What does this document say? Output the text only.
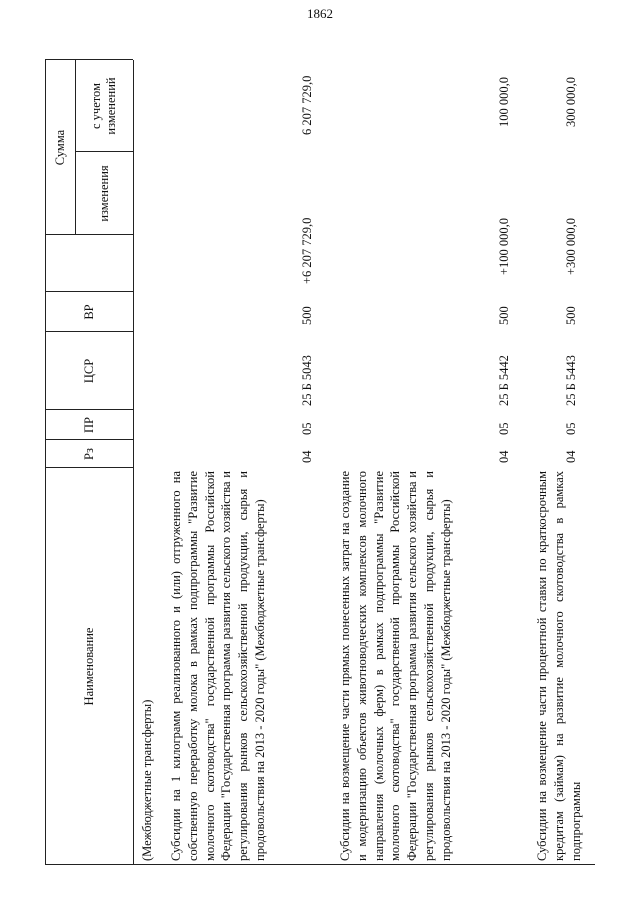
1862
Наименование
Рз
ПР
ЦСР
ВР
Сумма
изменения
с учетом изменений
(Межбюджетные трансферты) Субсидии на 1 килограмм реализованного и (или) отгруженного на собственную переработку молока в рамках подпрограммы "Развитие молочного скотоводства" государственной программы Российской Федерации "Государственная программа развития сельского хозяйства и регулирования рынков сельскохозяйственной продукции, сырья и продовольствия на 2013 - 2020 годы" (Межбюджетные трансферты)
04
05
25 Б 5043
500
+6 207 729,0
6 207 729,0
Субсидии на возмещение части прямых понесенных затрат на создание и модернизацию объектов животноводческих комплексов молочного направления (молочных ферм) в рамках подпрограммы "Развитие молочного скотоводства" государственной программы Российской Федерации "Государственная программа развития сельского хозяйства и регулирования рынков сельскохозяйственной продукции, сырья и продовольствия на 2013 - 2020 годы" (Межбюджетные трансферты)
04
05
25 Б 5442
500
+100 000,0
100 000,0
Субсидии на возмещение части процентной ставки по краткосрочным кредитам (займам) на развитие молочного скотоводства в рамках подпрограммы
04
05
25 Б 5443
500
+300 000,0
300 000,0
